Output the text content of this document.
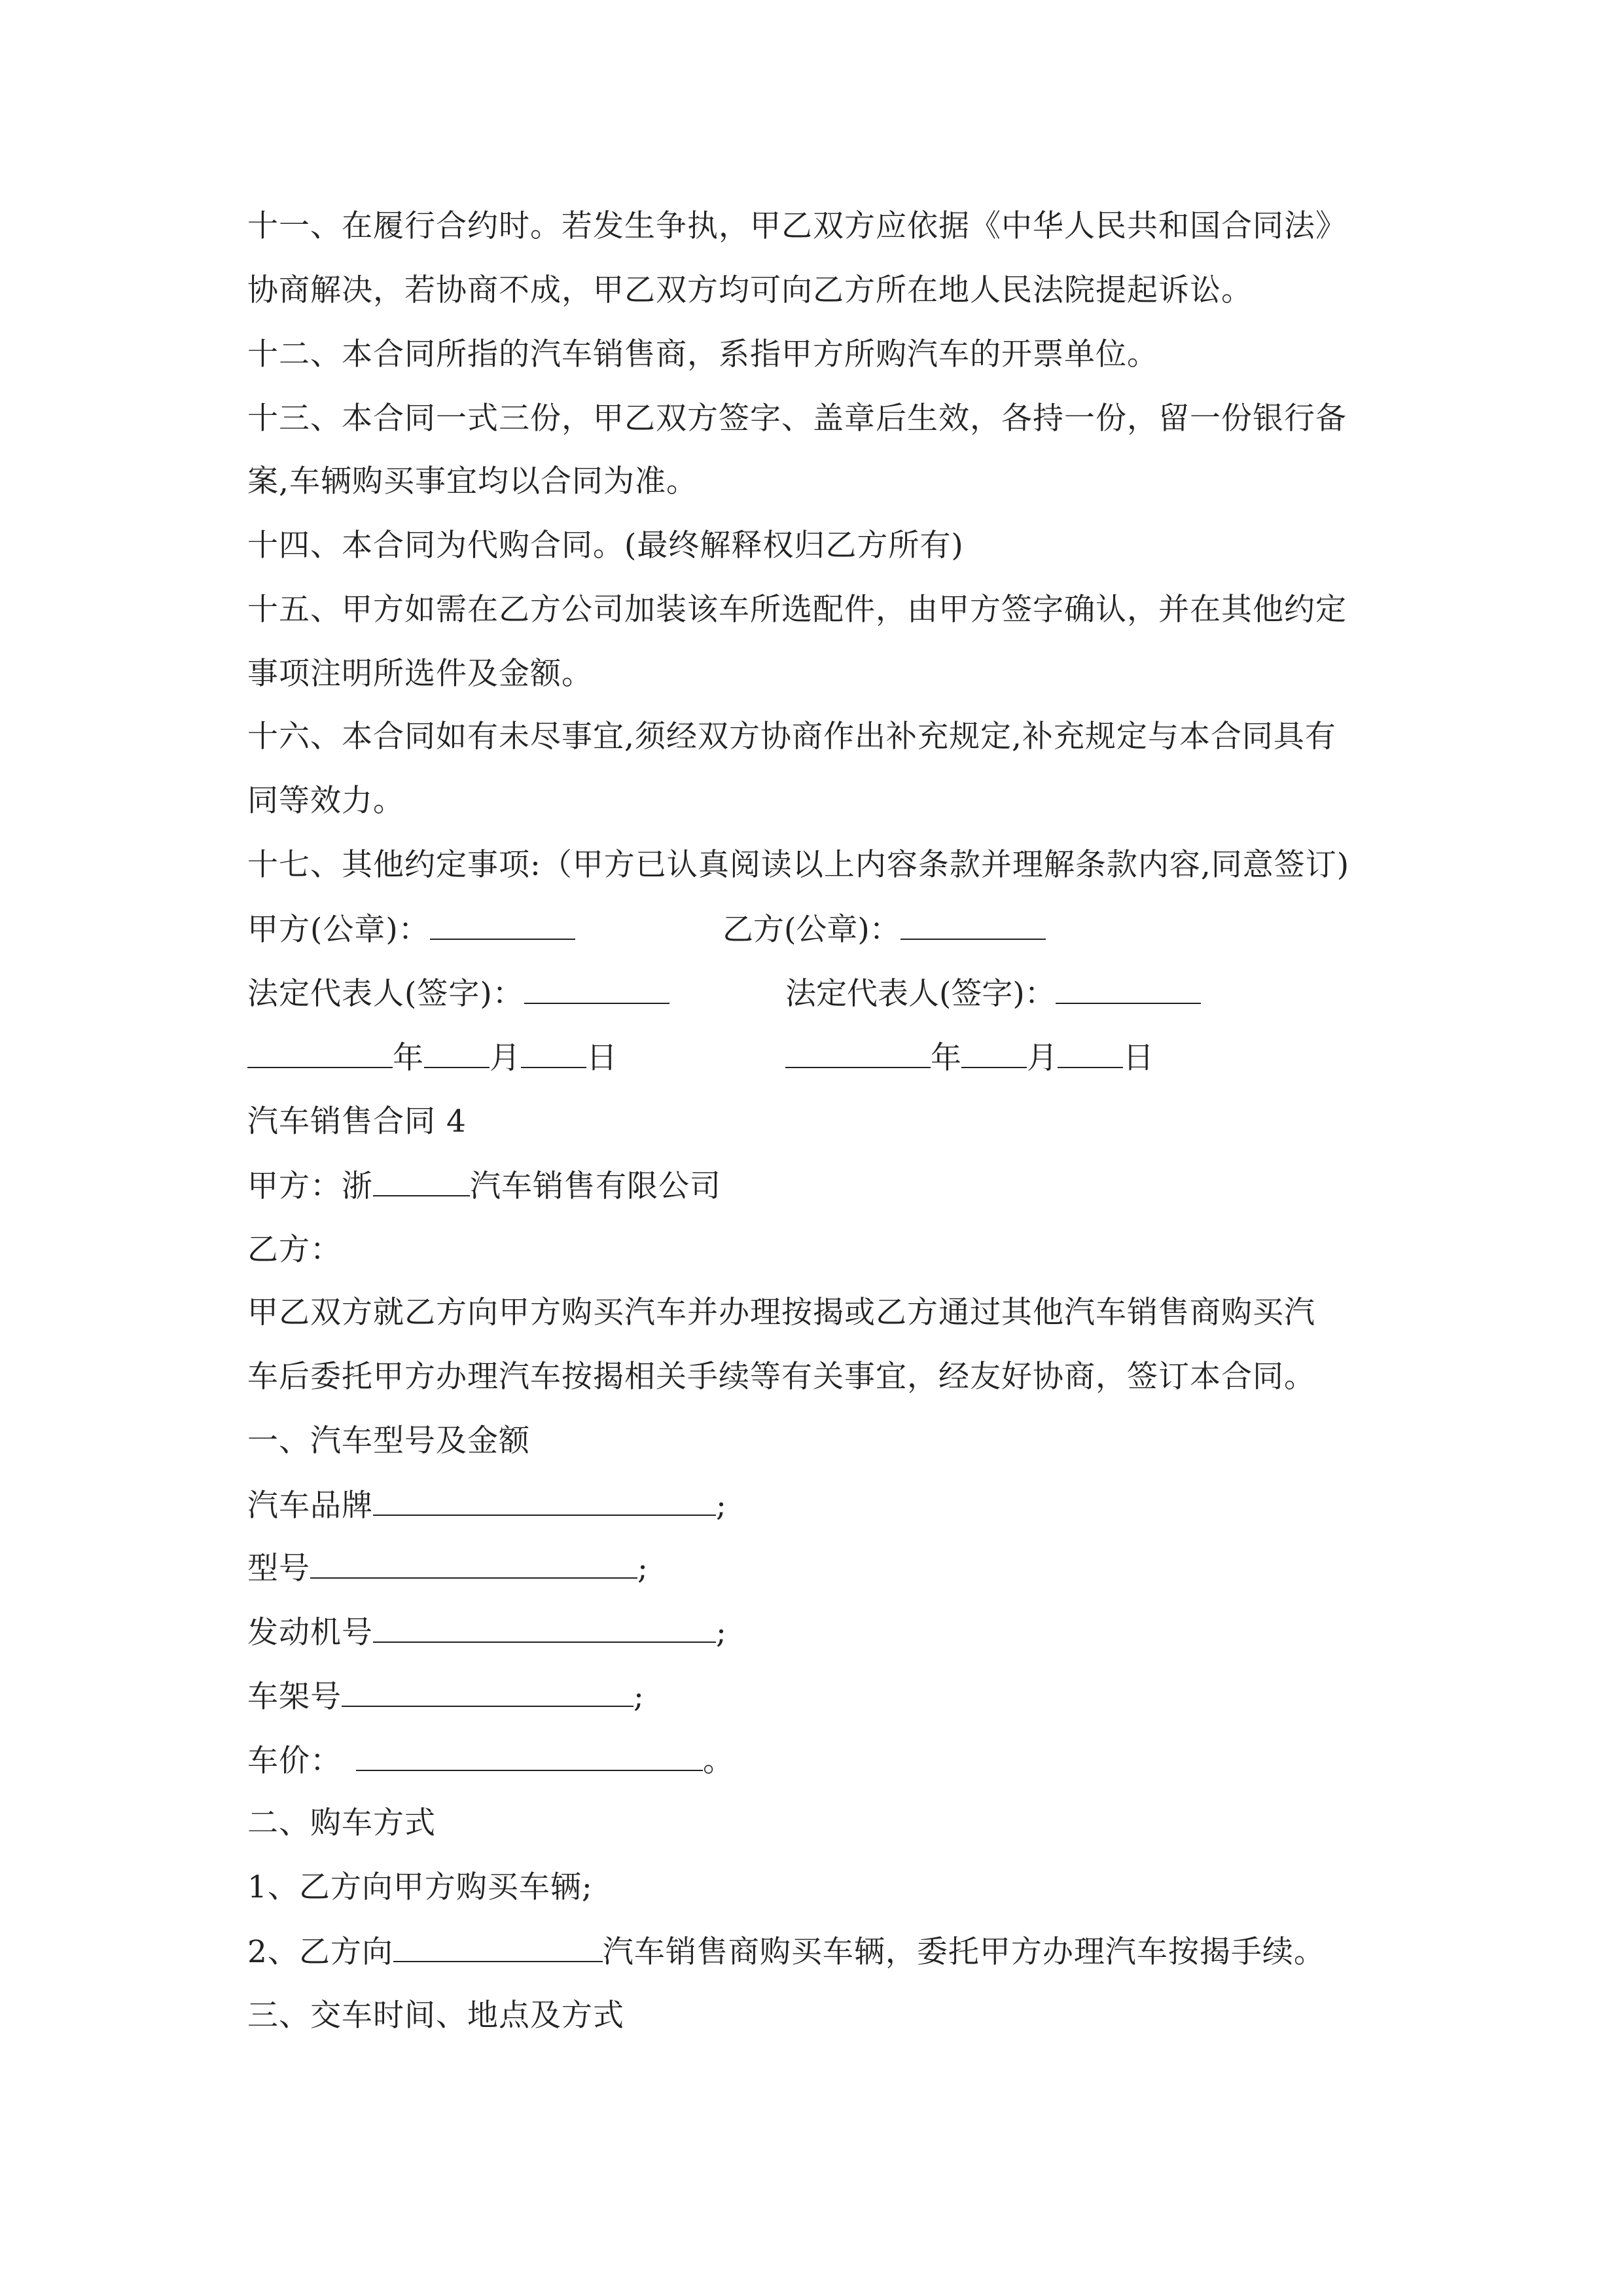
十一、在履行合约时。若发生争执，甲乙双方应依据《中华人民共和国合同法》
协商解决，若协商不成，甲乙双方均可向乙方所在地人民法院提起诉讼。
十二、本合同所指的汽车销售商，系指甲方所购汽车的开票单位。
十三、本合同一式三份，甲乙双方签字、盖章后生效，各持一份，留一份银行备
案,车辆购买事宜均以合同为准。
十四、本合同为代购合同。(最终解释权归乙方所有)
十五、甲方如需在乙方公司加装该车所选配件，由甲方签字确认，并在其他约定
事项注明所选件及金额。
十六、本合同如有未尽事宜,须经双方协商作出补充规定,补充规定与本合同具有
同等效力。
十七、其他约定事项:（甲方已认真阅读以上内容条款并理解条款内容,同意签订)
甲方(公章)：	乙方(公章)：
法定代表人(签字)：	法定代表人(签字)：
年 月 日	年 月 日
汽车销售合同 4
甲方：浙	汽车销售有限公司
乙方：
甲乙双方就乙方向甲方购买汽车并办理按揭或乙方通过其他汽车销售商购买汽
车后委托甲方办理汽车按揭相关手续等有关事宜，经友好协商，签订本合同。
一、汽车型号及金额
汽车品牌	;
型号	;
发动机号	;
车架号	;
车价：	。
二、购车方式
1、乙方向甲方购买车辆;
2、乙方向	汽车销售商购买车辆，委托甲方办理汽车按揭手续。
三、交车时间、地点及方式
